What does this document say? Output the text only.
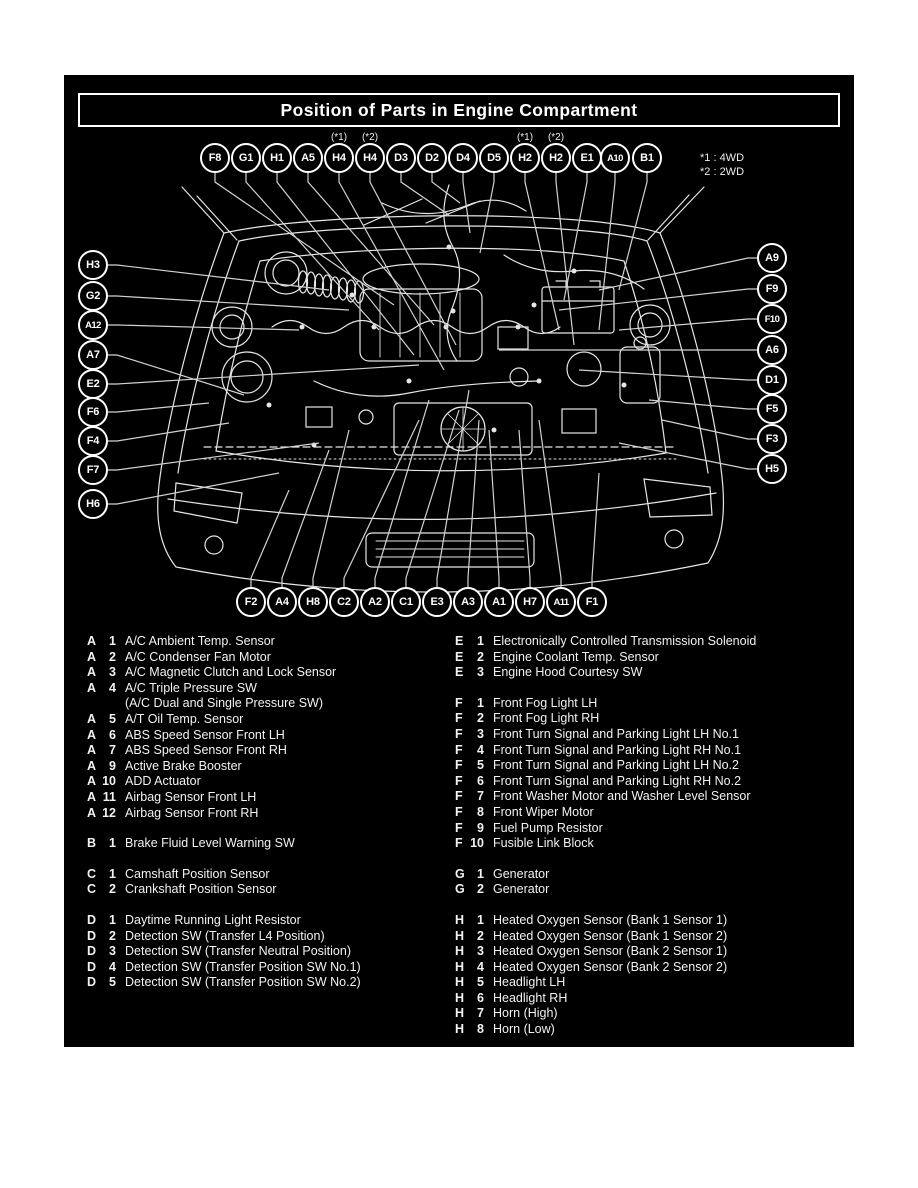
Position of Parts in Engine Compartment
*1 : 4WD
*2 : 2WD
F8	G1	H1	A5	H4
(*1)
H4
(*2)
D3	D2	D4	D5	H2
(*1)
H2
(*2)
E1	A10	B1
H3
G2
A12
A7
E2
F6
F4
F7
H6
A9
F9
F10
A6
D1
F5
F3
H5
F2	A4	H8	C2	A2	C1	E3	A3	A1	H7	A11	F1
A	1 A/C Ambient Temp. Sensor
A	2 A/C Condenser Fan Motor
A	3 A/C Magnetic Clutch and Lock Sensor
A	4 A/C Triple Pressure SW
(A/C Dual and Single Pressure SW)
A	5 A/T Oil Temp. Sensor
A	6 ABS Speed Sensor Front LH
A	7 ABS Speed Sensor Front RH
A	9 Active Brake Booster
A 10 ADD Actuator
A 11 Airbag Sensor Front LH
A 12 Airbag Sensor Front RH
B	1 Brake Fluid Level Warning SW
C	1 Camshaft Position Sensor
C	2 Crankshaft Position Sensor
D	1 Daytime Running Light Resistor
D	2 Detection SW (Transfer L4 Position)
D	3 Detection SW (Transfer Neutral Position)
D	4 Detection SW (Transfer Position SW No.1)
D	5 Detection SW (Transfer Position SW No.2)
E	1 Electronically Controlled Transmission Solenoid
E	2 Engine Coolant Temp. Sensor
E	3 Engine Hood Courtesy SW
F	1 Front Fog Light LH
F	2 Front Fog Light RH
F	3 Front Turn Signal and Parking Light LH No.1
F	4 Front Turn Signal and Parking Light RH No.1
F	5 Front Turn Signal and Parking Light LH No.2
F	6 Front Turn Signal and Parking Light RH No.2
F	7 Front Washer Motor and Washer Level Sensor
F	8 Front Wiper Motor
F	9 Fuel Pump Resistor
F 10 Fusible Link Block
G 1 Generator
G 2 Generator
H	1 Heated Oxygen Sensor (Bank 1 Sensor 1)
H	2 Heated Oxygen Sensor (Bank 1 Sensor 2)
H	3 Heated Oxygen Sensor (Bank 2 Sensor 1)
H	4 Heated Oxygen Sensor (Bank 2 Sensor 2)
H	5 Headlight LH
H	6 Headlight RH
H	7 Horn (High)
H	8 Horn (Low)
